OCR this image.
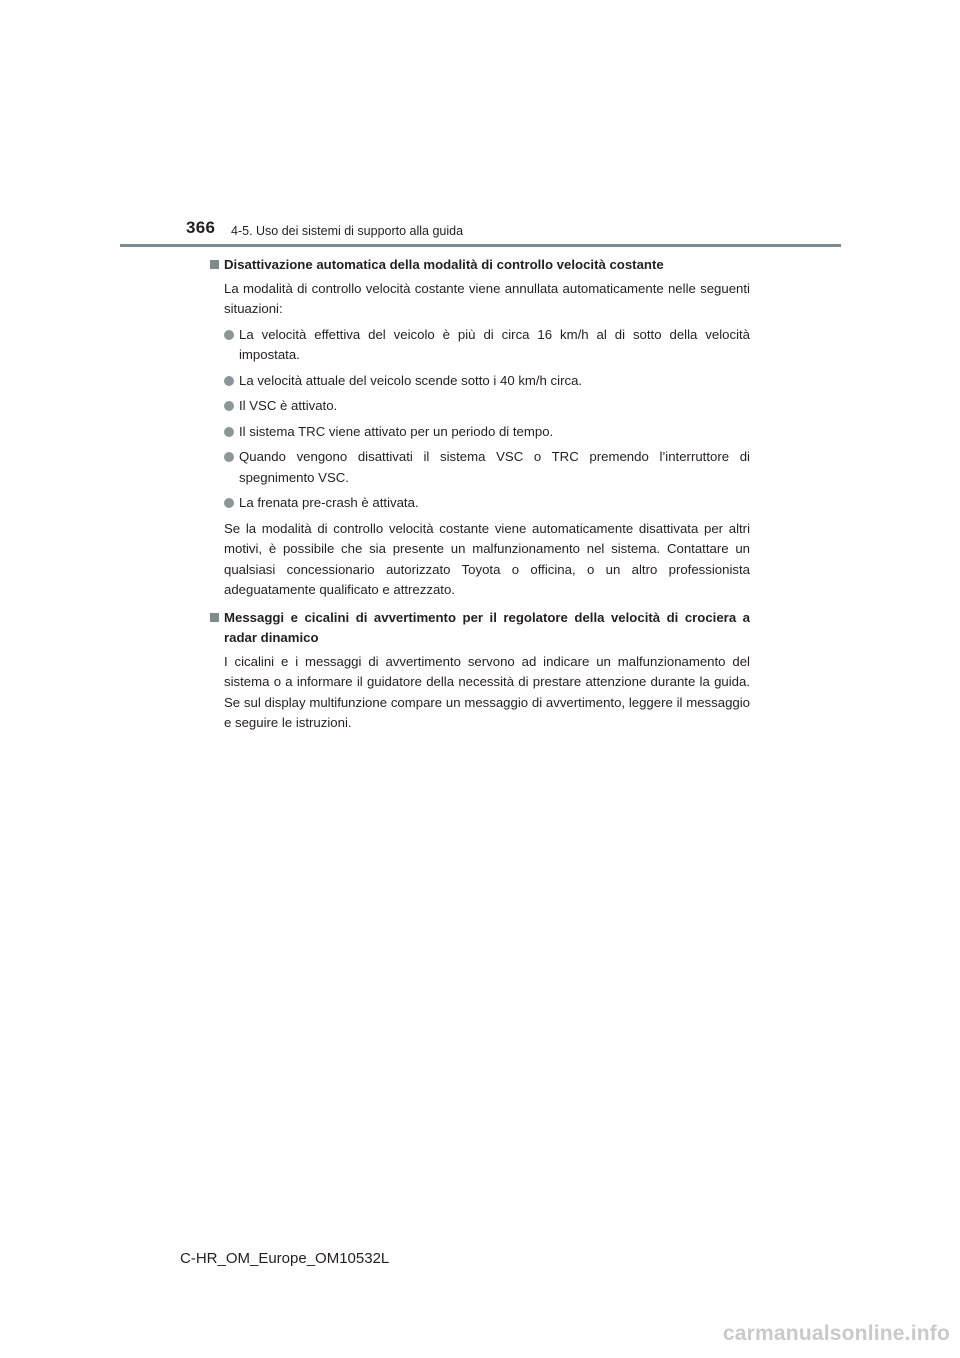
366 4-5. Uso dei sistemi di supporto alla guida
Disattivazione automatica della modalità di controllo velocità costante
La modalità di controllo velocità costante viene annullata automaticamente nelle seguenti situazioni:
La velocità effettiva del veicolo è più di circa 16 km/h al di sotto della velocità impostata.
La velocità attuale del veicolo scende sotto i 40 km/h circa.
Il VSC è attivato.
Il sistema TRC viene attivato per un periodo di tempo.
Quando vengono disattivati il sistema VSC o TRC premendo l’interruttore di spegnimento VSC.
La frenata pre-crash è attivata.
Se la modalità di controllo velocità costante viene automaticamente disattivata per altri motivi, è possibile che sia presente un malfunzionamento nel sistema. Contattare un qualsiasi concessionario autorizzato Toyota o officina, o un altro professionista adeguatamente qualificato e attrezzato.
Messaggi e cicalini di avvertimento per il regolatore della velocità di crociera a radar dinamico
I cicalini e i messaggi di avvertimento servono ad indicare un malfunzionamento del sistema o a informare il guidatore della necessità di prestare attenzione durante la guida. Se sul display multifunzione compare un messaggio di avvertimento, leggere il messaggio e seguire le istruzioni.
C-HR_OM_Europe_OM10532L
carmanualsonline.info
